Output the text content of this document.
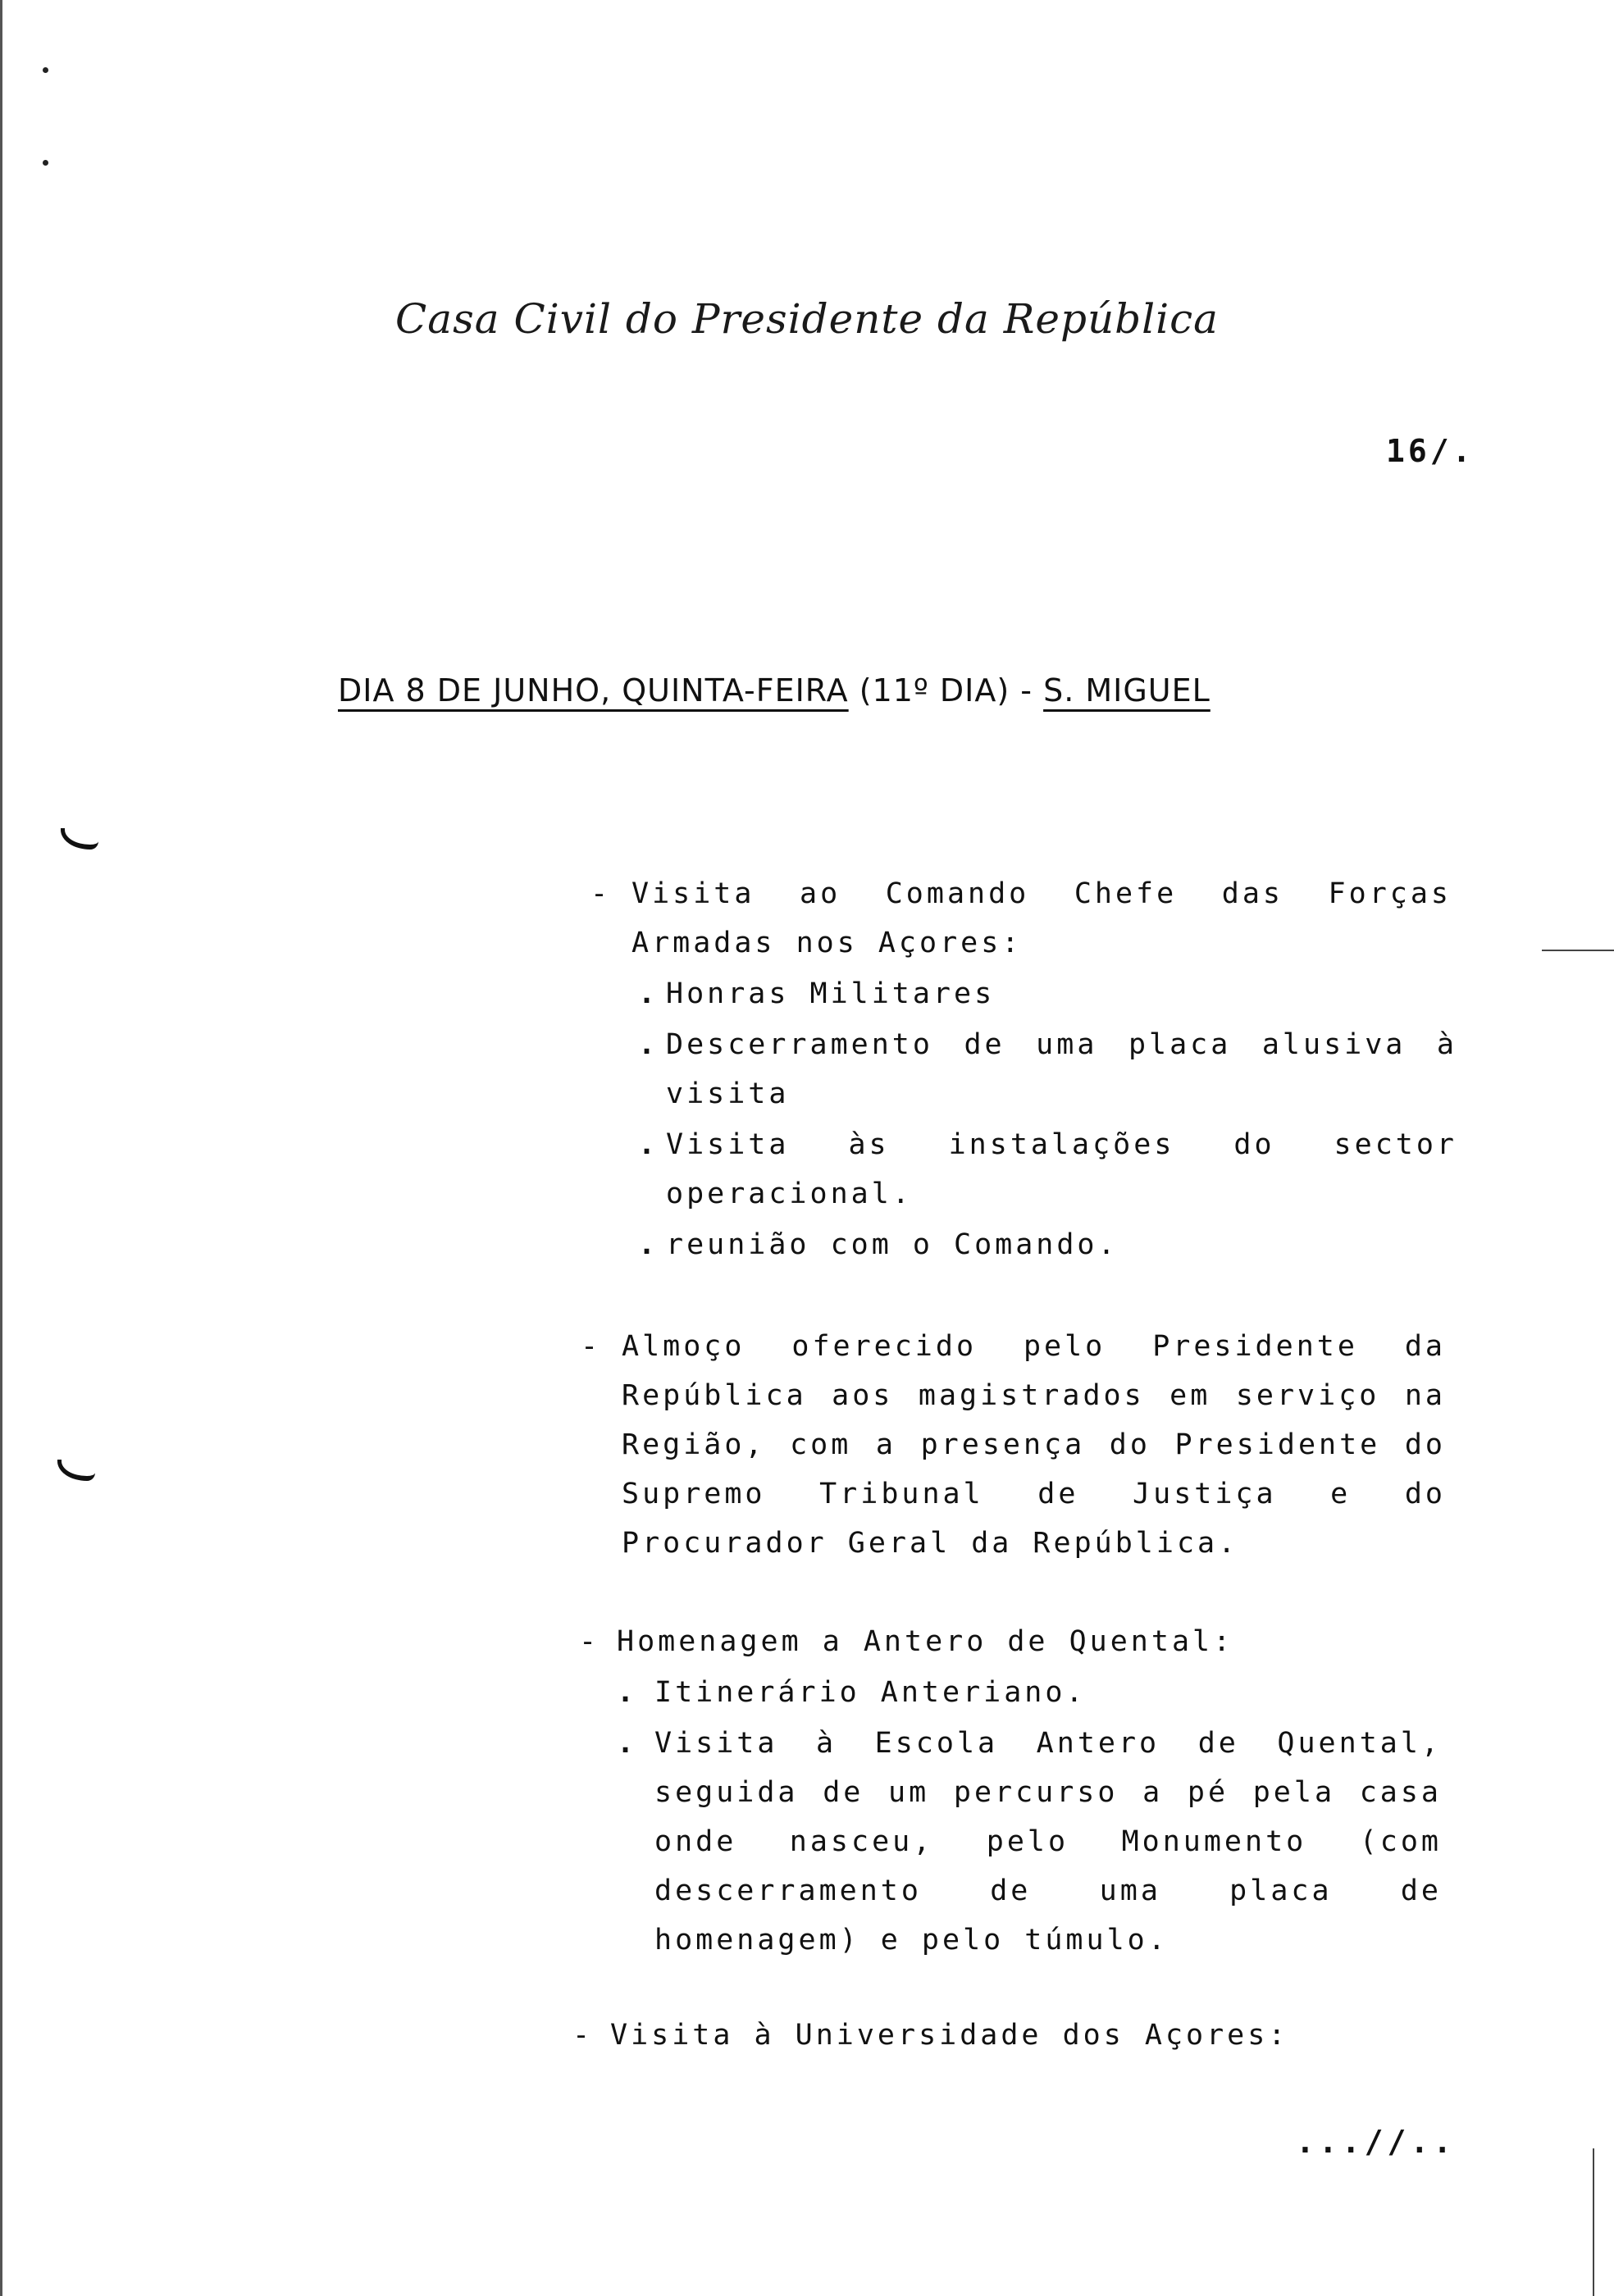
Casa Civil do Presidente da República
16/.
DIA 8 DE JUNHO, QUINTA-FEIRA (11º DIA) - S. MIGUEL
- Visita ao Comando Chefe das Forças Armadas nos Açores:
. Honras Militares
. Descerramento de uma placa alusiva à visita
. Visita às instalações do sector operacional.
. reunião com o Comando.
- Almoço oferecido pelo Presidente da República aos magistrados em serviço na Região, com a presença do Presidente do Supremo Tribunal de Justiça e do Procurador Geral da República.
- Homenagem a Antero de Quental:
. Itinerário Anteriano.
. Visita à Escola Antero de Quental, seguida de um percurso a pé pela casa onde nasceu, pelo Monumento (com descerramento de uma placa de homenagem) e pelo túmulo.
- Visita à Universidade dos Açores:
...//..
